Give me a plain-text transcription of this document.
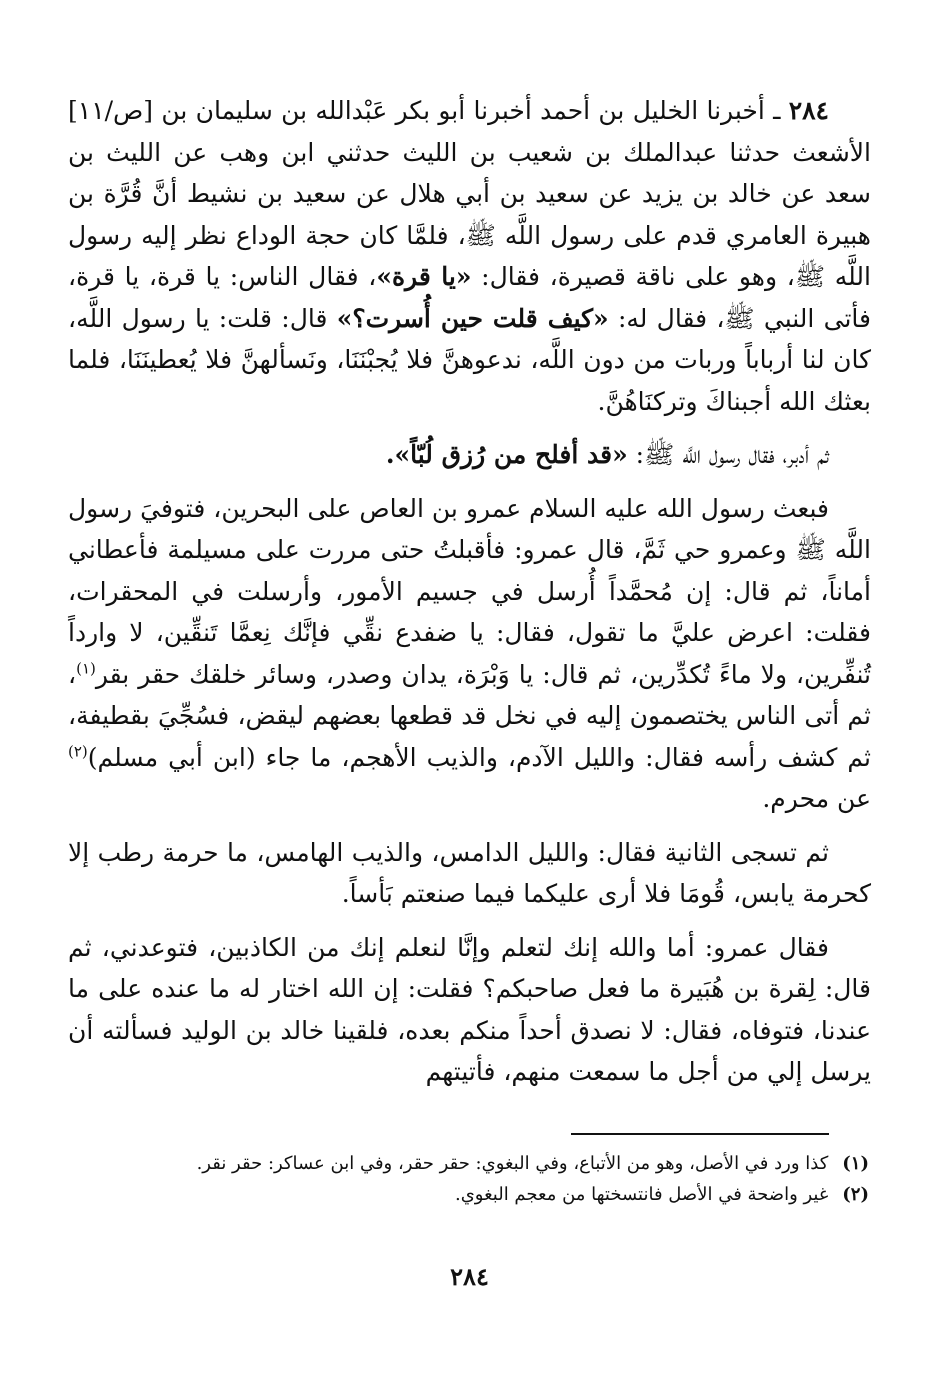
٢٨٤ ـ أخبرنا الخليل بن أحمد أخبرنا أبو بكر عَبْدالله بن سليمان بن [ص/١١] الأشعث حدثنا عبدالملك بن شعيب بن الليث حدثني ابن وهب عن الليث بن سعد عن خالد بن يزيد عن سعيد بن أبي هلال عن سعيد بن نشيط أنَّ قُرَّة بن هبيرة العامري قدم على رسول اللَّه ﷺ، فلمَّا كان حجة الوداع نظر إليه رسول اللَّه ﷺ، وهو على ناقة قصيرة، فقال: «يا قرة»، فقال الناس: يا قرة، يا قرة، فأتى النبي ﷺ، فقال له: «كيف قلت حين أُسرت؟» قال: قلت: يا رسول اللَّه، كان لنا أرباباً وربات من دون اللَّه، ندعوهنَّ فلا يُجبْنَنَا، ونَسألهنَّ فلا يُعطينَنَا، فلما بعثك الله أجبناكَ وتركنَاهُنَّ.

ثم أدبر، فقال رسول اللَّه ﷺ: «قد أفلح من رُزق لُبّاً».

فبعث رسول الله عليه السلام عمرو بن العاص على البحرين، فتوفيَ رسول اللَّه ﷺ وعمرو حي ثَمَّ، قال عمرو: فأقبلتُ حتى مررت على مسيلمة فأعطاني أماناً، ثم قال: إن مُحمَّداً أُرسل في جسيم الأمور، وأرسلت في المحقرات، فقلت: اعرض عليَّ ما تقول، فقال: يا ضفدع نقِّي فإنَّك نِعمَّا تَنقِّين، لا وارداً تُنفِّرين، ولا ماءً تُكدِّرين، ثم قال: يا وَبْرَة، يدان وصدر، وسائر خلقك حقر بقر$^{(١)}$، ثم أتى الناس يختصمون إليه في نخل قد قطعها بعضهم ليقض، فسُجِّيَ بقطيفة، ثم كشف رأسه فقال: والليل الآدم، والذيب الأهجم، ما جاء (ابن أبي مسلم)$^{(٢)}$ عن محرم.

ثم تسجى الثانية فقال: والليل الدامس، والذيب الهامس، ما حرمة رطب إلا كحرمة يابس، قُومَا فلا أرى عليكما فيما صنعتم بَأساً.

فقال عمرو: أما والله إنك لتعلم وإنَّا لنعلم إنك من الكاذبين، فتوعدني، ثم قال: لِقرة بن هُبَيرة ما فعل صاحبكم؟ فقلت: إن الله اختار له ما عنده على ما عندنا، فتوفاه، فقال: لا نصدق أحداً منكم بعده، فلقينا خالد بن الوليد فسألته أن يرسل إلي من أجل ما سمعت منهم، فأتيتهم

(١)
كذا ورد في الأصل، وهو من الأتباع، وفي البغوي: حقر حقر، وفي ابن عساكر: حقر نقر.

(٢)
غير واضحة في الأصل فانتسختها من معجم البغوي.

٢٨٤
